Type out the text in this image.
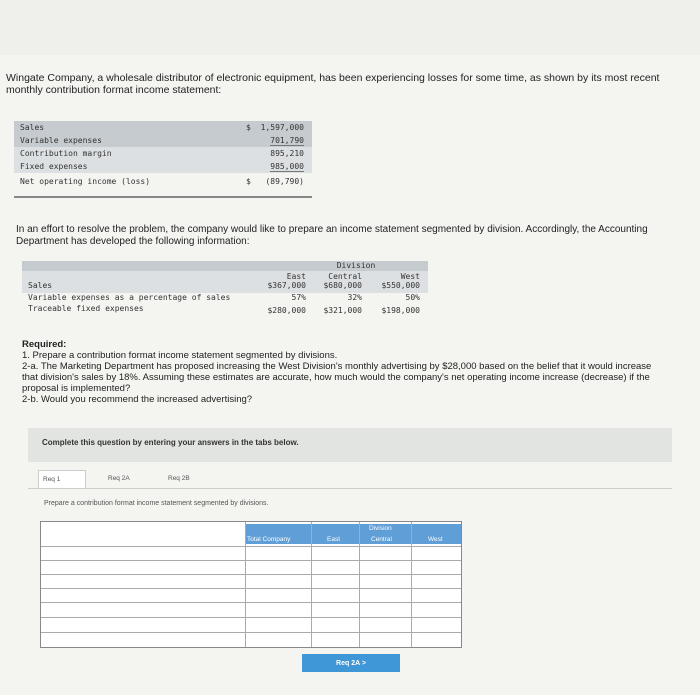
Wingate Company, a wholesale distributor of electronic equipment, has been experiencing losses for some time, as shown by its most recent monthly contribution format income statement:
Sales	$ 1,597,000
Variable expenses	701,790
Contribution margin	895,210
Fixed expenses	985,000
Net operating income (loss)	$ (89,790)
In an effort to resolve the problem, the company would like to prepare an income statement segmented by division. Accordingly, the Accounting Department has developed the following information:
Division
East	Central	West
Sales	$367,000	$680,000	$550,000
Variable expenses as a percentage of sales	57%	32%	50%
Traceable fixed expenses	$280,000	$321,000	$198,000
Required:
1. Prepare a contribution format income statement segmented by divisions.
2-a. The Marketing Department has proposed increasing the West Division's monthly advertising by $28,000 based on the belief that it would increase that division's sales by 18%. Assuming these estimates are accurate, how much would the company's net operating income increase (decrease) if the proposal is implemented?
2-b. Would you recommend the increased advertising?
Complete this question by entering your answers in the tabs below.
Req 1	Req 2A	Req 2B
Prepare a contribution format income statement segmented by divisions.
Total Company
Division
East	Central	West
Req 2A >
